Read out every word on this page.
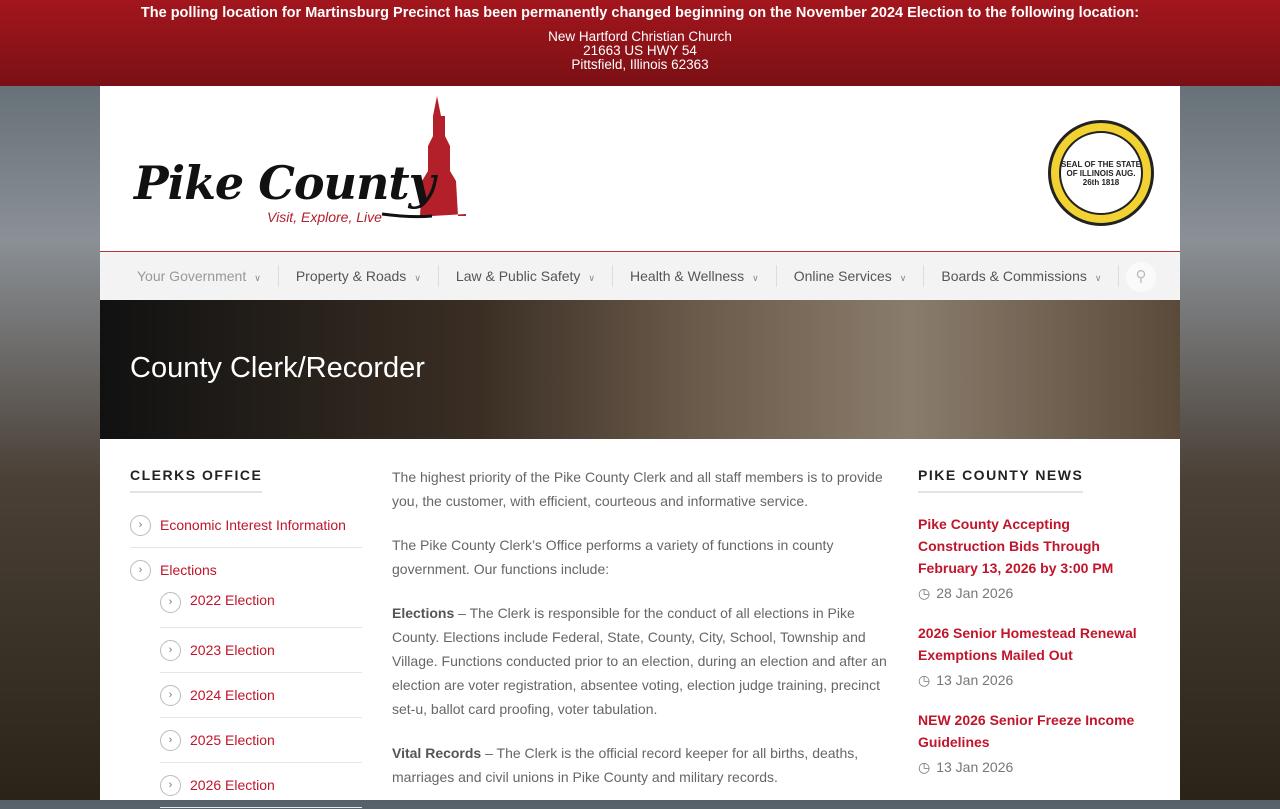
The polling location for Martinsburg Precinct has been permanently changed beginning on the November 2024 Election to the following location:
New Hartford Christian Church
21663 US HWY 54
Pittsfield, Illinois 62363
Pike County
Visit, Explore, Live
SEAL OF THE STATE OF ILLINOIS AUG. 26th 1818
Your Government ∨	Property & Roads ∨	Law & Public Safety ∨	Health & Wellness ∨	Online Services ∨	Boards & Commissions ∨	⚲
County Clerk/Recorder
CLERKS OFFICE
›	Economic Interest Information
›	Elections
›	2022 Election
›	2023 Election
›	2024 Election
›	2025 Election
›	2026 Election

The highest priority of the Pike County Clerk and all staff members is to provide you, the customer, with efficient, courteous and informative service.

The Pike County Clerk’s Office performs a variety of functions in county government. Our functions include:

Elections – The Clerk is responsible for the conduct of all elections in Pike County. Elections include Federal, State, County, City, School, Township and Village. Functions conducted prior to an election, during an election and after an election are voter registration, absentee voting, election judge training, precinct set-u, ballot card proofing, voter tabulation.

Vital Records – The Clerk is the official record keeper for all births, deaths, marriages and civil unions in Pike County and military records.

PIKE COUNTY NEWS
Pike County Accepting Construction Bids Through February 13, 2026 by 3:00 PM
◷ 28 Jan 2026
2026 Senior Homestead Renewal Exemptions Mailed Out
◷ 13 Jan 2026
NEW 2026 Senior Freeze Income Guidelines
◷ 13 Jan 2026
